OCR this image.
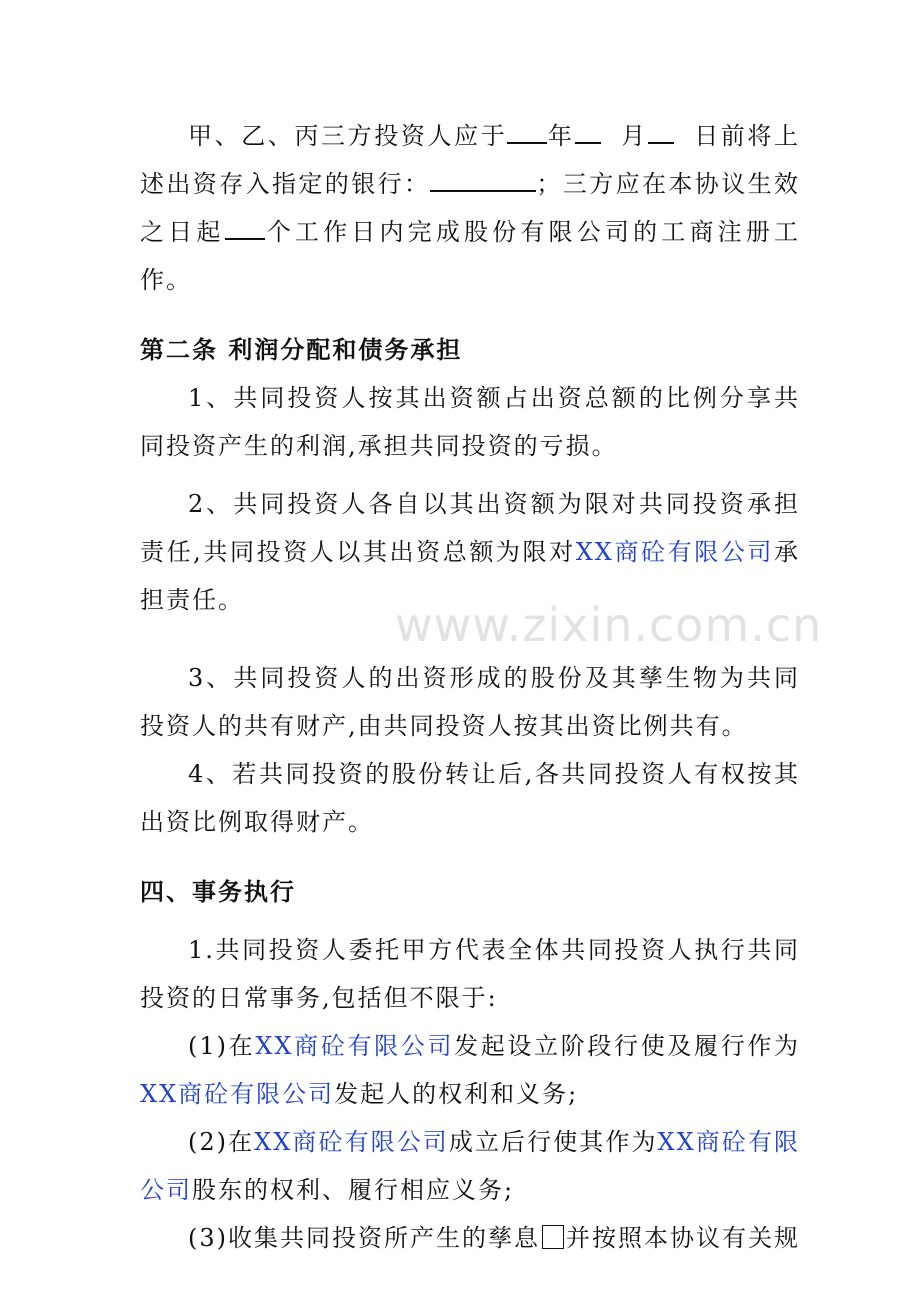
www.zixin.com.cn

甲、乙、丙三方投资人应于 年 月 日前将上述出资存入指定的银行：	；三方应在本协议生效之日起 个工作日内完成股份有限公司的工商注册工作。

第二条 利润分配和债务承担

1、共同投资人按其出资额占出资总额的比例分享共同投资产生的利润,承担共同投资的亏损。

2、共同投资人各自以其出资额为限对共同投资承担责任,共同投资人以其出资总额为限对XX商砼有限公司承担责任。

3、共同投资人的出资形成的股份及其孳生物为共同投资人的共有财产,由共同投资人按其出资比例共有。

4、若共同投资的股份转让后,各共同投资人有权按其出资比例取得财产。

四、事务执行

1.共同投资人委托甲方代表全体共同投资人执行共同投资的日常事务,包括但不限于:

(1)在XX商砼有限公司发起设立阶段行使及履行作为XX商砼有限公司发起人的权利和义务;

(2)在XX商砼有限公司成立后行使其作为XX商砼有限公司股东的权利、履行相应义务;

(3)收集共同投资所产生的孳息 并按照本协议有关规
